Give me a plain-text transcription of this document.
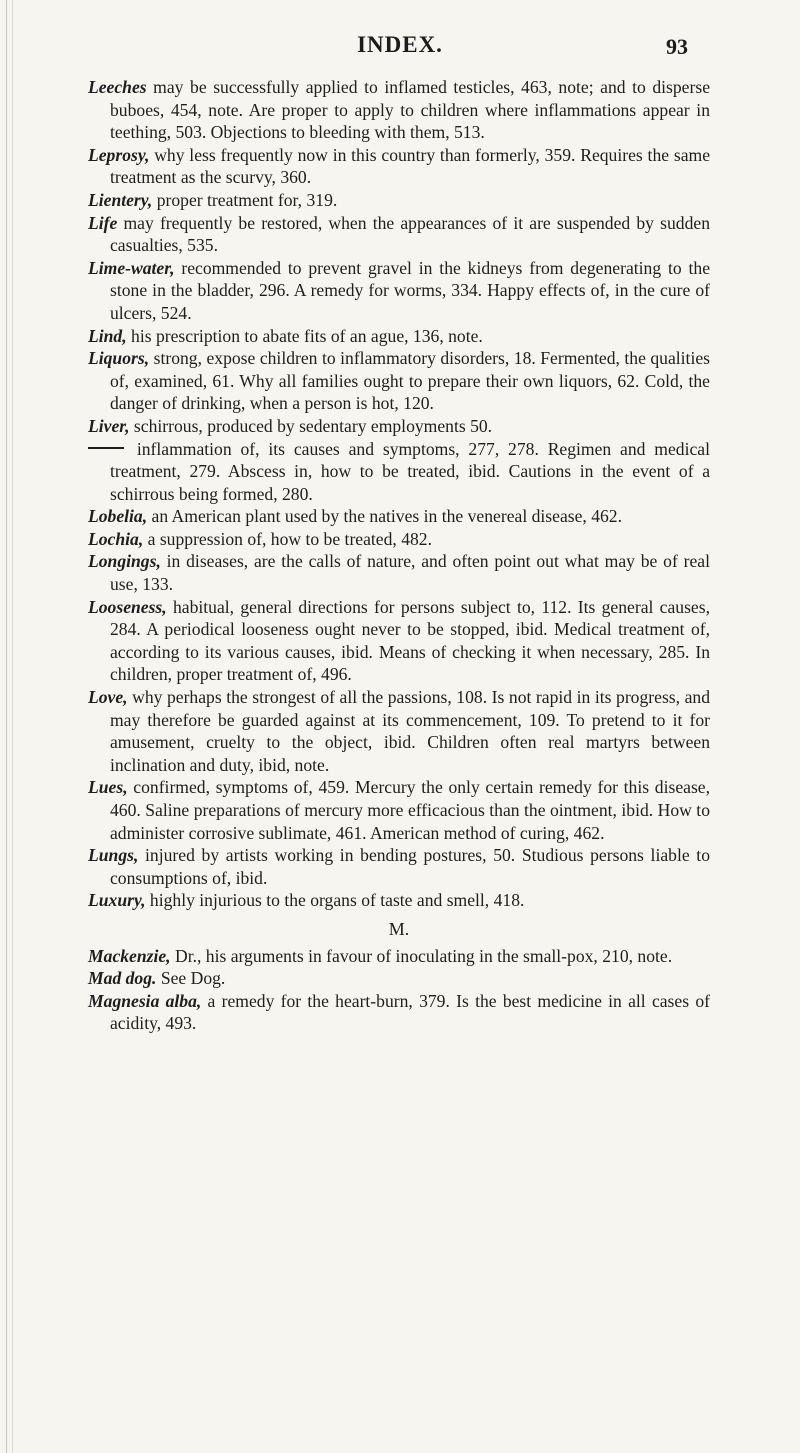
INDEX.	93

Leeches may be successfully applied to inflamed testicles, 463, note; and to disperse buboes, 454, note. Are proper to apply to children where inflammations appear in teething, 503. Objections to bleeding with them, 513.

Leprosy, why less frequently now in this country than formerly, 359. Requires the same treatment as the scurvy, 360.

Lientery, proper treatment for, 319.

Life may frequently be restored, when the appearances of it are suspended by sudden casualties, 535.

Lime-water, recommended to prevent gravel in the kidneys from degenerating to the stone in the bladder, 296. A remedy for worms, 334. Happy effects of, in the cure of ulcers, 524.

Lind, his prescription to abate fits of an ague, 136, note.

Liquors, strong, expose children to inflammatory disorders, 18. Fermented, the qualities of, examined, 61. Why all families ought to prepare their own liquors, 62. Cold, the danger of drinking, when a person is hot, 120.

Liver, schirrous, produced by sedentary employments 50.

inflammation of, its causes and symptoms, 277, 278. Regimen and medical treatment, 279. Abscess in, how to be treated, ibid. Cautions in the event of a schirrous being formed, 280.

Lobelia, an American plant used by the natives in the venereal disease, 462.

Lochia, a suppression of, how to be treated, 482.

Longings, in diseases, are the calls of nature, and often point out what may be of real use, 133.

Looseness, habitual, general directions for persons subject to, 112. Its general causes, 284. A periodical looseness ought never to be stopped, ibid. Medical treatment of, according to its various causes, ibid. Means of checking it when necessary, 285. In children, proper treatment of, 496.

Love, why perhaps the strongest of all the passions, 108. Is not rapid in its progress, and may therefore be guarded against at its commencement, 109. To pretend to it for amusement, cruelty to the object, ibid. Children often real martyrs between inclination and duty, ibid, note.

Lues, confirmed, symptoms of, 459. Mercury the only certain remedy for this disease, 460. Saline preparations of mercury more efficacious than the ointment, ibid. How to administer corrosive sublimate, 461. American method of curing, 462.

Lungs, injured by artists working in bending postures, 50. Studious persons liable to consumptions of, ibid.

Luxury, highly injurious to the organs of taste and smell, 418.

M.

Mackenzie, Dr., his arguments in favour of inoculating in the small-pox, 210, note.

Mad dog. See Dog.

Magnesia alba, a remedy for the heart-burn, 379. Is the best medicine in all cases of acidity, 493.
